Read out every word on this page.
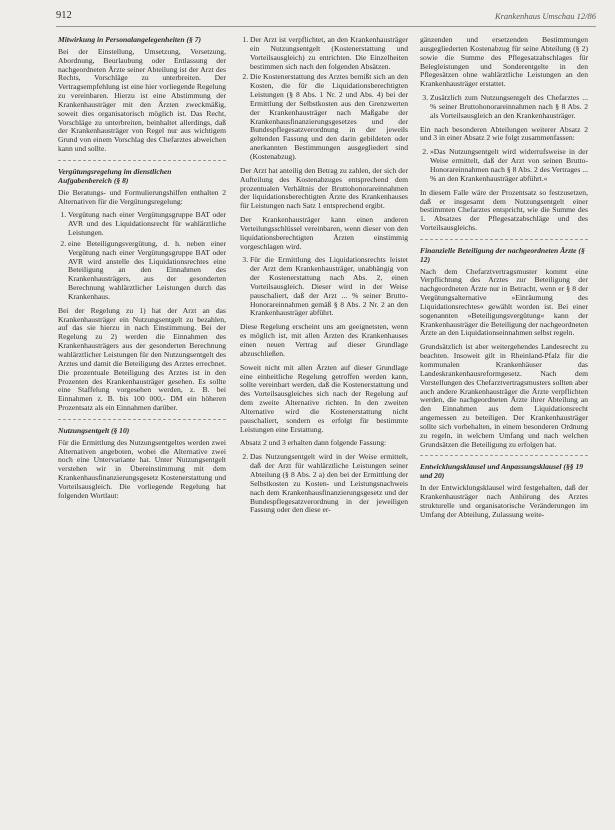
912	Krankenhaus Umschau 12/86
Mitwirkung in Personalangelegenheiten (§ 7)

Bei der Einstellung, Umsetzung, Versetzung, Abordnung, Beurlaubung oder Entlassung der nachgeordneten Ärzte seiner Abteilung ist der Arzt des Rechts, Vorschläge zu unterbreiten. Der Vertragsempfehlung ist eine hier vorliegende Regelung zu vereinbaren. Hierzu ist eine Abstimmung der Krankenhausträger mit den Ärzten zweckmäßig, soweit dies organisatorisch möglich ist. Das Recht, Vorschläge zu unterbreiten, beinhaltet allerdings, daß der Krankenhausträger von Regel nur aus wichtigem Grund von einem Vorschlag des Chefarztes abweichen kann und sollte.

Vergütungsregelung im dienstlichen Aufgabenbereich (§ 8)

Die Beratungs- und Formulierungshilfen enthalten 2 Alternativen für die Vergütungsregelung:

1. Vergütung nach einer Vergütungsgruppe BAT oder AVR und des Liquidationsrecht für wahlärztliche Leistungen.
2. eine Beteiligungsvergütung, d. h. neben einer Vergütung nach einer Vergütungsgruppe BAT oder AVR wird anstelle des Liquidationsrechtes eine Beteiligung an den Einnahmen des Krankenhausträgers, aus der gesonderten Berechnung wahlärztlicher Leistungen durch das Krankenhaus.

Bei der Regelung zu 1) hat der Arzt an das Krankenhausträger ein Nutzungsentgelt zu bezahlen, auf das sie hierzu in nach Einstimmung. Bei der Regelung zu 2) werden die Einnahmen des Krankenhausträgers aus der gesonderten Berechnung wahlärztlicher Leistungen für den Nutzungsentgelt des Arztes und damit die Beteiligung des Arztes errechnet. Die prozentuale Beteiligung des Arztes ist in den Prozenten des Krankenhausträger gesehen. Es sollte eine Staffelung vorgesehen werden, z. B. bei Einnahmen z. B. bis 100 000,- DM ein höheren Prozentsatz als ein Einnahmen darüber.

Nutzungsentgelt (§ 10)

Für die Ermittlung des Nutzungsentgeltes werden zwei Alternativen angeboten, wobei die Alternative zwei noch eine Untervariante hat. Unter Nutzungsentgelt verstehen wir in Übereinstimmung mit dem Krankenhausfinanzierungsgesetz Kostenerstattung und Vorteilsausgleich. Die vorliegende Regelung hat folgenden Wortlaut:

1. Der Arzt ist verpflichtet, an den Krankenhausträger ein Nutzungsentgelt (Kostenerstattung und Vorteilsausgleich) zu entrichten. Die Einzelheiten bestimmen sich nach den folgenden Absätzen.
2. Die Kostenerstattung des Arztes bemißt sich an den Kosten, die für die Liquidationsberechtigten Leistungen (§ 8 Abs. 1 Nr. 2 und Abs. 4) bei der Ermittlung der Selbstkosten aus den Grenzwerten der Krankenhausträger nach Maßgabe der Krankenhausfinanzierungsgesetzes und der Bundespflegesatzverordnung in der jeweils geltenden Fassung und den darin gebildeten oder anerkannten Bestimmungen ausgegliedert sind (Kostenabzug).

Der Arzt hat anteilig den Betrag zu zahlen, der sich der Aufteilung des Kostenabzuges entsprechend dem prozentualen Verhältnis der Bruttohonorareinnahmen der liquidationsberechtigten Ärzte des Krankenhauses für Leistungen nach Satz 1 entsprechend ergibt.

Der Krankenhausträger kann einen anderen Verteilungsschlüssel vereinbaren, wenn dieser von den liquidationsberechtigten Ärzten einstimmig vorgeschlagen wird.

3. Für die Ermittlung des Liquidationsrechts leistet der Arzt dem Krankenhausträger, unabhängig von der Kostenerstattung nach Abs. 2, einen Vorteilsausgleich. Dieser wird in der Weise pauschaliert, daß der Arzt ... % seiner Brutto-Honorareinnahmen gemäß § 8 Abs. 2 Nr. 2 an den Krankenhausträger abführt.

Diese Regelung erscheint uns am geeignetsten, wenn es möglich ist, mit allen Ärzten des Krankenhauses einen neuen Vertrag auf dieser Grundlage abzuschließen.

Soweit nicht mit allen Ärzten auf dieser Grundlage eine einheitliche Regelung getroffen werden kann, sollte vereinbart werden, daß die Kostenerstattung und des Vorteilsausgleiches sich nach der Regelung auf dem zweite Alternative richten. In den zweiten Alternative wird die Kostenerstattung nicht pauschaliert, sondern es erfolgt für bestimmte Leistungen eine Erstattung.

Absatz 2 und 3 erhalten dann folgende Fassung:

2. Das Nutzungsentgelt wird in der Weise ermittelt, daß der Arzt für wahlärztliche Leistungen seiner Abteilung (§ 8 Abs. 2 a) den bei der Ermittlung der Selbstkosten zu Kosten- und Leistungsnachweis nach dem Krankenhausfinanzierungsgesetz und der Bundespflegesatzverordnung in der jeweiligen Fassung oder den diese er-

gänzenden und ersetzenden Bestimmungen ausgegliederten Kostenabzug für seine Abteilung (§ 2) sowie die Summe des Pflegesatzabschlages für Belegleistungen und Sonderentgelte in den Pflegesätzen ohne wahlärztliche Leistungen an den Krankenhausträger erstattet.

3. Zusätzlich zum Nutzungsentgelt des Chefarztes ... % seiner Bruttohonorareinnahmen nach § 8 Abs. 2 als Vorteilsausgleich an den Krankenhausträger.

Ein nach besonderen Abteilungen weiterer Absatz 2 und 3 in einer Absatz 2 wie folgt zusammenfassen:

2. »Das Nutzungsentgelt wird widerrufsweise in der Weise ermittelt, daß der Arzt von seinen Brutto-Honorareinnahmen nach § 8 Abs. 2 des Vertrages ... % an den Krankenhausträger abführt.«

In diesem Falle wäre der Prozentsatz so festzusetzen, daß er insgesamt dem Nutzungsentgelt einer bestimmten Chefarztes entspricht, wie die Summe des 1. Absatzes der Pflegesatzabschläge und des Vorteilsausgleichs.

Finanzielle Beteiligung der nachgeordneten Ärzte (§ 12)

Nach dem Chefarztvertragsmuster kommt eine Verpflichtung des Arztes zur Beteiligung der nachgeordneten Ärzte nur in Betracht, wenn er § 8 der Vergütungsalternative »Einräumung des Liquidationsrechtes« gewählt worden ist. Bei einer sogenannten »Beteiligungsvergütung« kann der Krankenhausträger die Beteiligung der nachgeordneten Ärzte an den Liquidationseinnahmen selbst regeln.

Grundsätzlich ist aber weitergehendes Landesrecht zu beachten. Insoweit gilt in Rheinland-Pfalz für die kommunalen Krankenhäuser das Landeskrankenhausreformgesetz. Nach dem Vorstellungen des Chefarztvertragsmusters sollten aber auch andere Krankenhausträger die Ärzte verpflichten werden, die nachgeordneten Ärzte ihrer Abteilung an den Einnahmen aus dem Liquidationsrecht angemessen zu beteiligen. Der Krankenhausträger sollte sich vorbehalten, in einem besonderen Ordnung zu regeln, in welchem Umfang und nach welchen Grundsätzen die Beteiligung zu erfolgen hat.

Entwicklungsklausel und Anpassungsklausel (§§ 19 und 20)

In der Entwicklungsklausel wird festgehalten, daß der Krankenhausträger nach Anhörung des Arztes strukturelle und organisatorische Veränderungen im Umfang der Abteilung, Zulassung weite-
